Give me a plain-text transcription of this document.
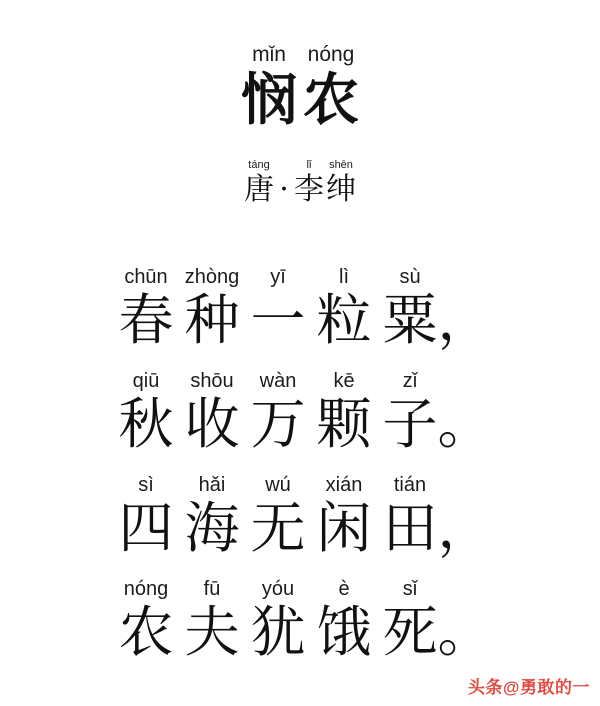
mǐn
悯
nóng
农
táng
唐 ·
lǐ
李
shēn
绅
chūn
春
zhòng
种
yī
一
lì
粒
sù
粟 ，
qiū
秋
shōu
收
wàn
万
kē
颗
zǐ
子 。
sì
四
hǎi
海
wú
无
xián
闲
tián
田 ，
nóng
农
fū
夫
yóu
犹
è
饿
sǐ
死 。
头条@勇敢的一
